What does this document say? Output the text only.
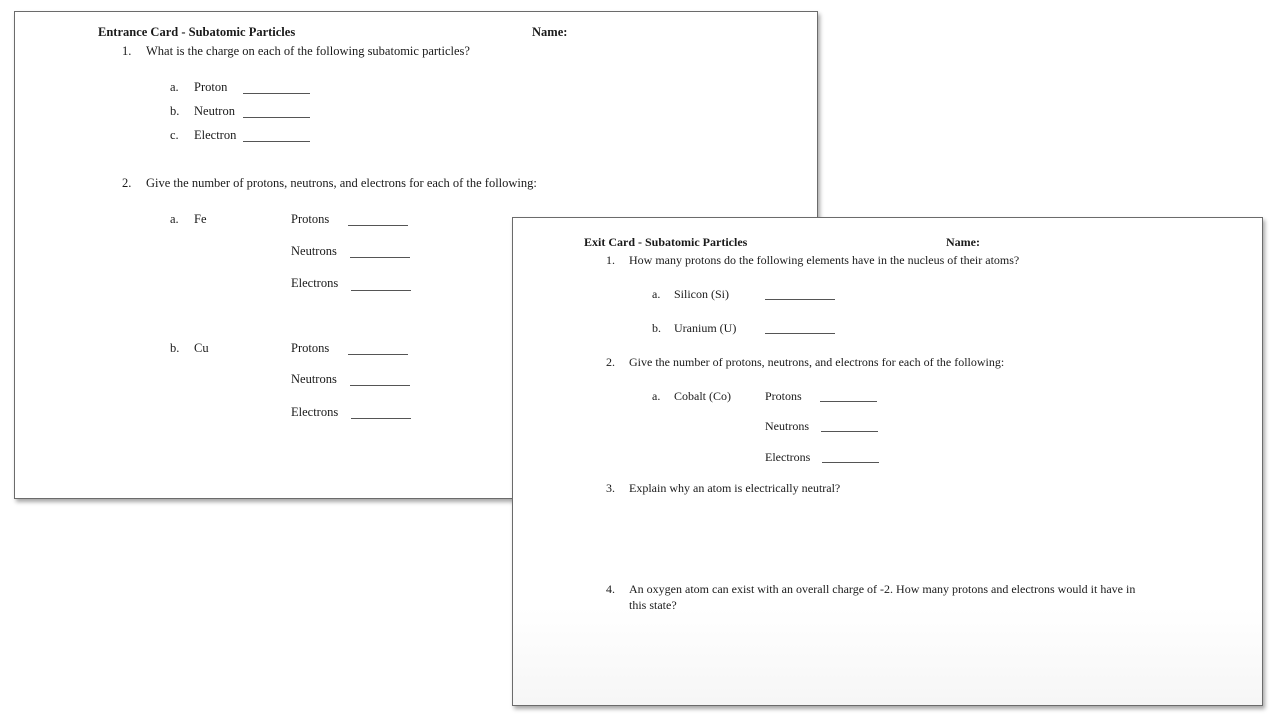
Entrance Card - Subatomic Particles	Name:
1. What is the charge on each of the following subatomic particles?
a. Proton
b. Neutron
c. Electron
2. Give the number of protons, neutrons, and electrons for each of the following:
a. Fe	Protons
Neutrons
Electrons
b. Cu	Protons
Neutrons
Electrons
Exit Card - Subatomic Particles	Name:
1. How many protons do the following elements have in the nucleus of their atoms?
a. Silicon (Si)
b. Uranium (U)
2. Give the number of protons, neutrons, and electrons for each of the following:
a. Cobalt (Co)	Protons
Neutrons
Electrons
3. Explain why an atom is electrically neutral?
4. An oxygen atom can exist with an overall charge of -2. How many protons and electrons would it have in
this state?
